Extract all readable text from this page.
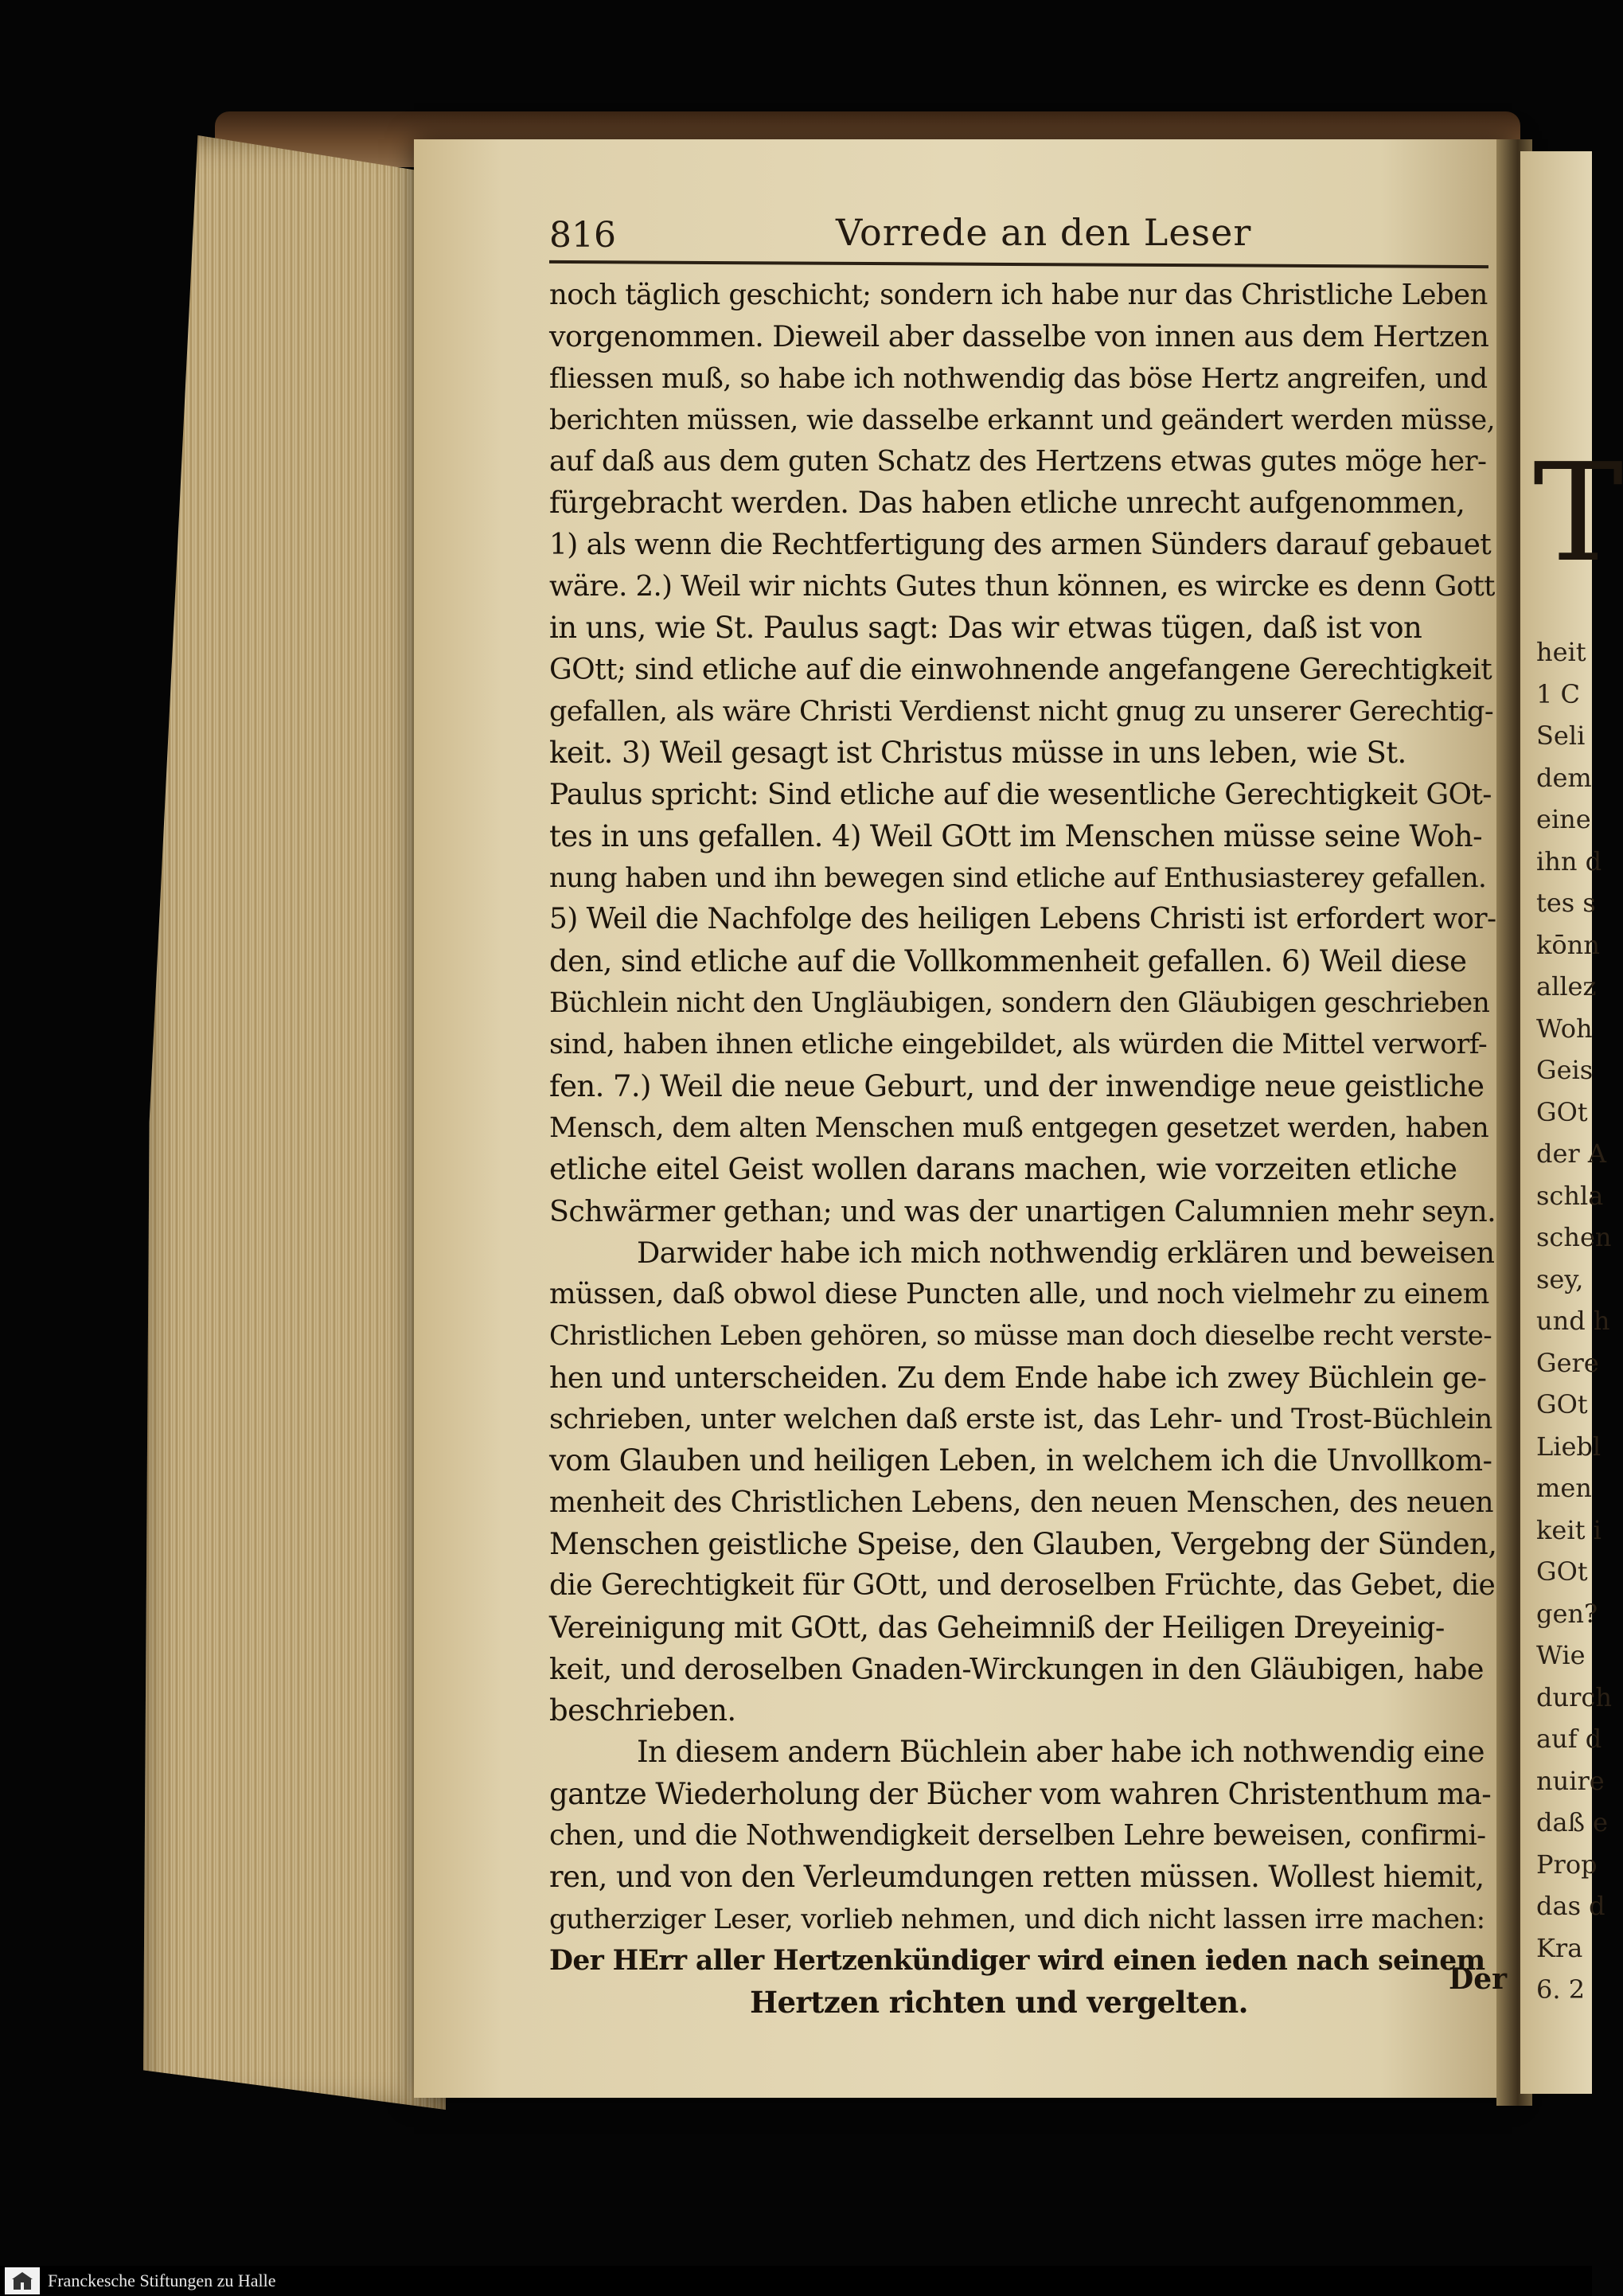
T
heit
1 C
Seli
dem
eine
ihn d
tes s
kōnn
allez
Woh
Geis
GOt
der A
schla
schen
sey,
und h
Gere
GOt
Liebl
men
keit i
GOt
gen?
Wie
durch
auf d
nuire
daß e
Prop
das d
Kra
6. 2
816	Vorrede an den Leser
noch täglich geschicht; sondern ich habe nur das Christliche Leben
vorgenommen. Dieweil aber dasselbe von innen aus dem Hertzen
fliessen muß, so habe ich nothwendig das böse Hertz angreifen, und
berichten müssen, wie dasselbe erkannt und geändert werden müsse,
auf daß aus dem guten Schatz des Hertzens etwas gutes möge her-
fürgebracht werden. Das haben etliche unrecht aufgenommen,
1) als wenn die Rechtfertigung des armen Sünders darauf gebauet
wäre. 2.) Weil wir nichts Gutes thun können, es wircke es denn Gott
in uns, wie St. Paulus sagt: Das wir etwas tügen, daß ist von
GOtt; sind etliche auf die einwohnende angefangene Gerechtigkeit
gefallen, als wäre Christi Verdienst nicht gnug zu unserer Gerechtig-
keit. 3) Weil gesagt ist Christus müsse in uns leben, wie St.
Paulus spricht: Sind etliche auf die wesentliche Gerechtigkeit GOt-
tes in uns gefallen. 4) Weil GOtt im Menschen müsse seine Woh-
nung haben und ihn bewegen sind etliche auf Enthusiasterey gefallen.
5) Weil die Nachfolge des heiligen Lebens Christi ist erfordert wor-
den, sind etliche auf die Vollkommenheit gefallen. 6) Weil diese
Büchlein nicht den Ungläubigen, sondern den Gläubigen geschrieben
sind, haben ihnen etliche eingebildet, als würden die Mittel verworf-
fen. 7.) Weil die neue Geburt, und der inwendige neue geistliche
Mensch, dem alten Menschen muß entgegen gesetzet werden, haben
etliche eitel Geist wollen darans machen, wie vorzeiten etliche
Schwärmer gethan; und was der unartigen Calumnien mehr seyn.
Darwider habe ich mich nothwendig erklären und beweisen
müssen, daß obwol diese Puncten alle, und noch vielmehr zu einem
Christlichen Leben gehören, so müsse man doch dieselbe recht verste-
hen und unterscheiden. Zu dem Ende habe ich zwey Büchlein ge-
schrieben, unter welchen daß erste ist, das Lehr- und Trost-Büchlein
vom Glauben und heiligen Leben, in welchem ich die Unvollkom-
menheit des Christlichen Lebens, den neuen Menschen, des neuen
Menschen geistliche Speise, den Glauben, Vergebng der Sünden,
die Gerechtigkeit für GOtt, und deroselben Früchte, das Gebet, die
Vereinigung mit GOtt, das Geheimniß der Heiligen Dreyeinig-
keit, und deroselben Gnaden-Wirckungen in den Gläubigen, habe
beschrieben.
In diesem andern Büchlein aber habe ich nothwendig eine
gantze Wiederholung der Bücher vom wahren Christenthum ma-
chen, und die Nothwendigkeit derselben Lehre beweisen, confirmi-
ren, und von den Verleumdungen retten müssen. Wollest hiemit,
gutherziger Leser, vorlieb nehmen, und dich nicht lassen irre machen:
Der HErr aller Hertzenkündiger wird einen ieden nach seinem
Hertzen richten und vergelten.
Der
Franckesche Stiftungen zu Halle
